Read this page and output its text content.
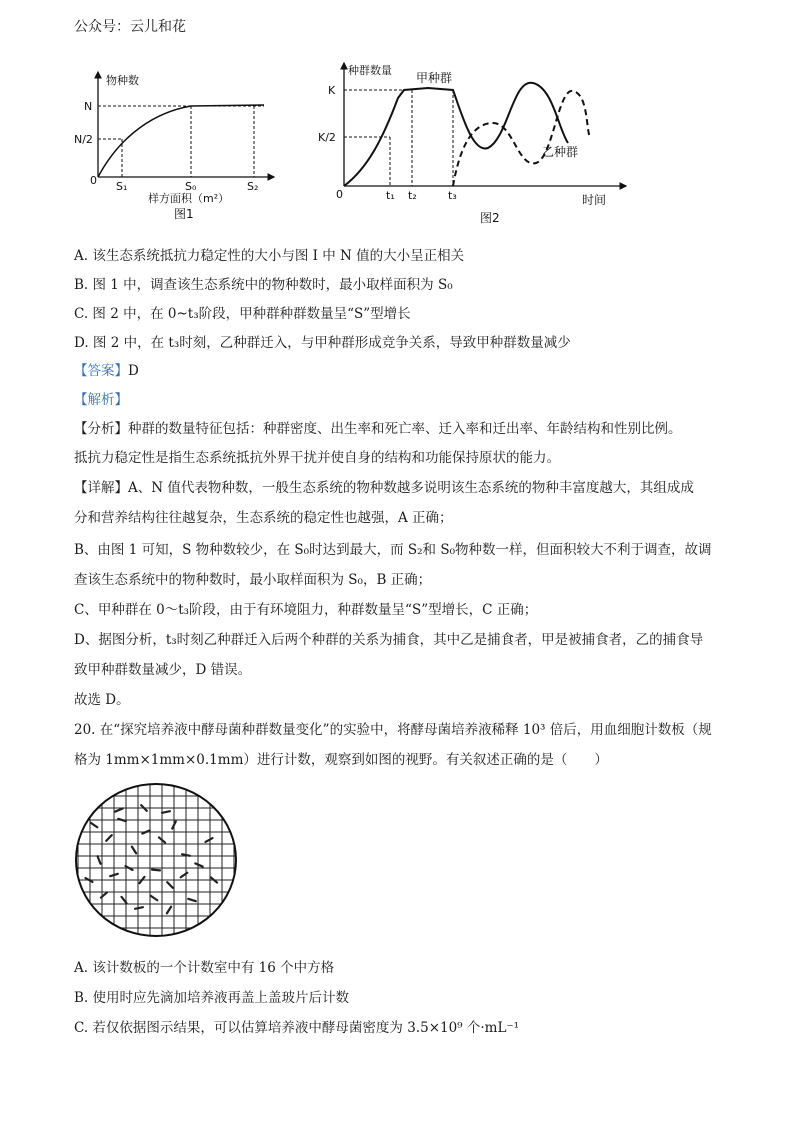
公众号：云儿和花
物种数
N
N/2
0 S₁	S₀	S₂
样方面积（m²）
图1
种群数量
甲种群
乙种群
K
K/2
0	t₁ t₂	t₃	时间
图2
A. 该生态系统抵抗力稳定性的大小与图 I 中 N 值的大小呈正相关
B. 图 1 中，调查该生态系统中的物种数时，最小取样面积为 S₀
C. 图 2 中，在 0~t₃阶段，甲种群种群数量呈“S”型增长
D. 图 2 中，在 t₃时刻，乙种群迁入，与甲种群形成竞争关系，导致甲种群数量减少
【答案】D
【解析】
【分析】种群的数量特征包括：种群密度、出生率和死亡率、迁入率和迁出率、年龄结构和性别比例。
抵抗力稳定性是指生态系统抵抗外界干扰并使自身的结构和功能保持原状的能力。
【详解】A、N 值代表物种数，一般生态系统的物种数越多说明该生态系统的物种丰富度越大，其组成成
分和营养结构往往越复杂，生态系统的稳定性也越强，A 正确；
B、由图 1 可知，S 物种数较少，在 S₀时达到最大，而 S₂和 S₀物种数一样，但面积较大不利于调查，故调
查该生态系统中的物种数时，最小取样面积为 S₀，B 正确；
C、甲种群在 0～t₃阶段，由于有环境阻力，种群数量呈“S”型增长，C 正确；
D、据图分析，t₃时刻乙种群迁入后两个种群的关系为捕食，其中乙是捕食者，甲是被捕食者，乙的捕食导
致甲种群数量减少，D 错误。
故选 D。
20. 在“探究培养液中酵母菌种群数量变化”的实验中，将酵母菌培养液稀释 10³ 倍后，用血细胞计数板（规
格为 1mm×1mm×0.1mm）进行计数，观察到如图的视野。有关叙述正确的是（　　）
A. 该计数板的一个计数室中有 16 个中方格
B. 使用时应先滴加培养液再盖上盖玻片后计数
C. 若仅依据图示结果，可以估算培养液中酵母菌密度为 3.5×10⁹ 个·mL⁻¹
